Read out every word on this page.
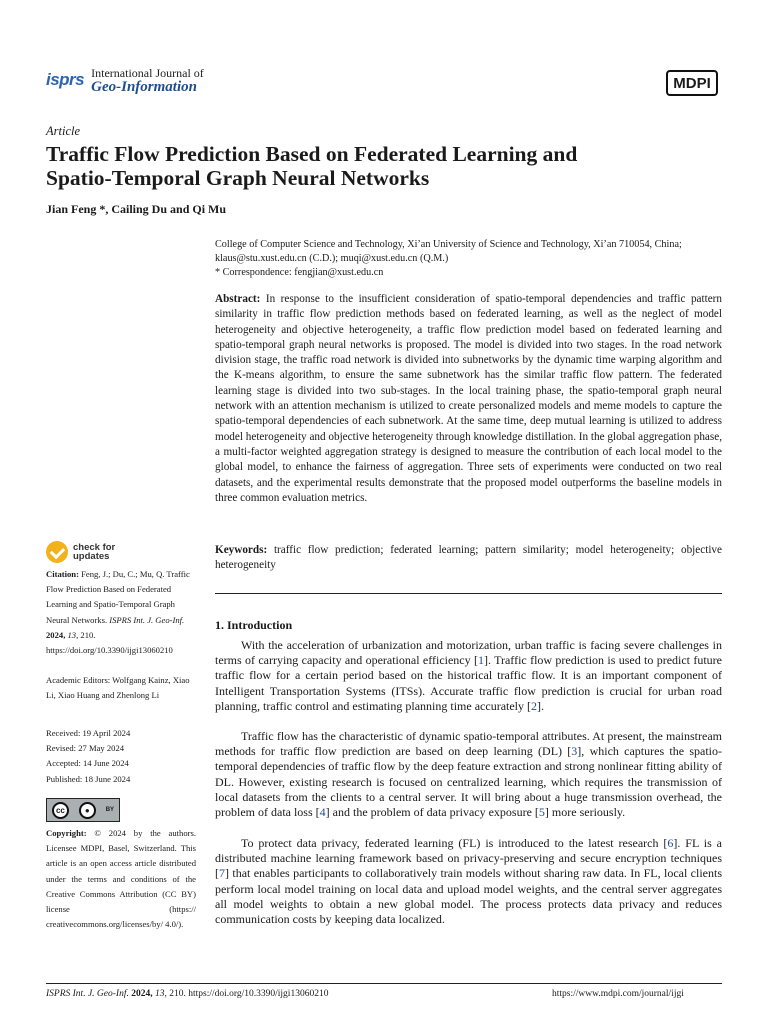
isprs International Journal of
Geo-Information	MDPI
Article
Traffic Flow Prediction Based on Federated Learning and Spatio-Temporal Graph Neural Networks
Jian Feng *, Cailing Du and Qi Mu
College of Computer Science and Technology, Xi’an University of Science and Technology, Xi’an 710054, China;
klaus@stu.xust.edu.cn (C.D.); muqi@xust.edu.cn (Q.M.)
* Correspondence: fengjian@xust.edu.cn
Abstract: In response to the insufficient consideration of spatio-temporal dependencies and traffic pattern similarity in traffic flow prediction methods based on federated learning, as well as the neglect of model heterogeneity and objective heterogeneity, a traffic flow prediction model based on federated learning and spatio-temporal graph neural networks is proposed. The model is divided into two stages. In the road network division stage, the traffic road network is divided into subnetworks by the dynamic time warping algorithm and the K-means algorithm, to ensure the same subnetwork has the similar traffic flow pattern. The federated learning stage is divided into two sub-stages. In the local training phase, the spatio-temporal graph neural network with an attention mechanism is utilized to create personalized models and meme models to capture the spatio-temporal dependencies of each subnetwork. At the same time, deep mutual learning is utilized to address model heterogeneity and objective heterogeneity through knowledge distillation. In the global aggregation phase, a multi-factor weighted aggregation strategy is designed to measure the contribution of each local model to the global model, to enhance the fairness of aggregation. Three sets of experiments were conducted on two real datasets, and the experimental results demonstrate that the proposed model outperforms the baseline models in three common evaluation metrics.
Keywords: traffic flow prediction; federated learning; pattern similarity; model heterogeneity; objective heterogeneity
check for
updates
Citation: Feng, J.; Du, C.; Mu, Q. Traffic Flow Prediction Based on Federated Learning and Spatio-Temporal Graph Neural Networks. ISPRS Int. J. Geo-Inf. 2024, 13, 210. https://doi.org/10.3390/ijgi13060210
Academic Editors: Wolfgang Kainz, Xiao Li, Xiao Huang and Zhenlong Li
Received: 19 April 2024
Revised: 27 May 2024
Accepted: 14 June 2024
Published: 18 June 2024
cc	●	BY
Copyright: © 2024 by the authors. Licensee MDPI, Basel, Switzerland. This article is an open access article distributed under the terms and conditions of the Creative Commons Attribution (CC BY) license (https:// creativecommons.org/licenses/by/ 4.0/).
1. Introduction

With the acceleration of urbanization and motorization, urban traffic is facing severe challenges in terms of carrying capacity and operational efficiency [1]. Traffic flow prediction is used to predict future traffic flow for a certain period based on the historical traffic flow. It is an important component of Intelligent Transportation Systems (ITSs). Accurate traffic flow prediction is crucial for urban road planning, traffic control and estimating planning time accurately [2].

Traffic flow has the characteristic of dynamic spatio-temporal attributes. At present, the mainstream methods for traffic flow prediction are based on deep learning (DL) [3], which captures the spatio-temporal dependencies of traffic flow by the deep feature extraction and strong nonlinear fitting ability of DL. However, existing research is focused on centralized learning, which requires the transmission of local datasets from the clients to a central server. It will bring about a huge transmission overhead, the problem of data loss [4] and the problem of data privacy exposure [5] more seriously.

To protect data privacy, federated learning (FL) is introduced to the latest research [6]. FL is a distributed machine learning framework based on privacy-preserving and secure encryption techniques [7] that enables participants to collaboratively train models without sharing raw data. In FL, local clients perform local model training on local data and upload model weights, and the central server aggregates all model weights to obtain a new global model. The process protects data privacy and reduces communication costs by keeping data localized.

ISPRS Int. J. Geo-Inf. 2024, 13, 210. https://doi.org/10.3390/ijgi13060210	https://www.mdpi.com/journal/ijgi
